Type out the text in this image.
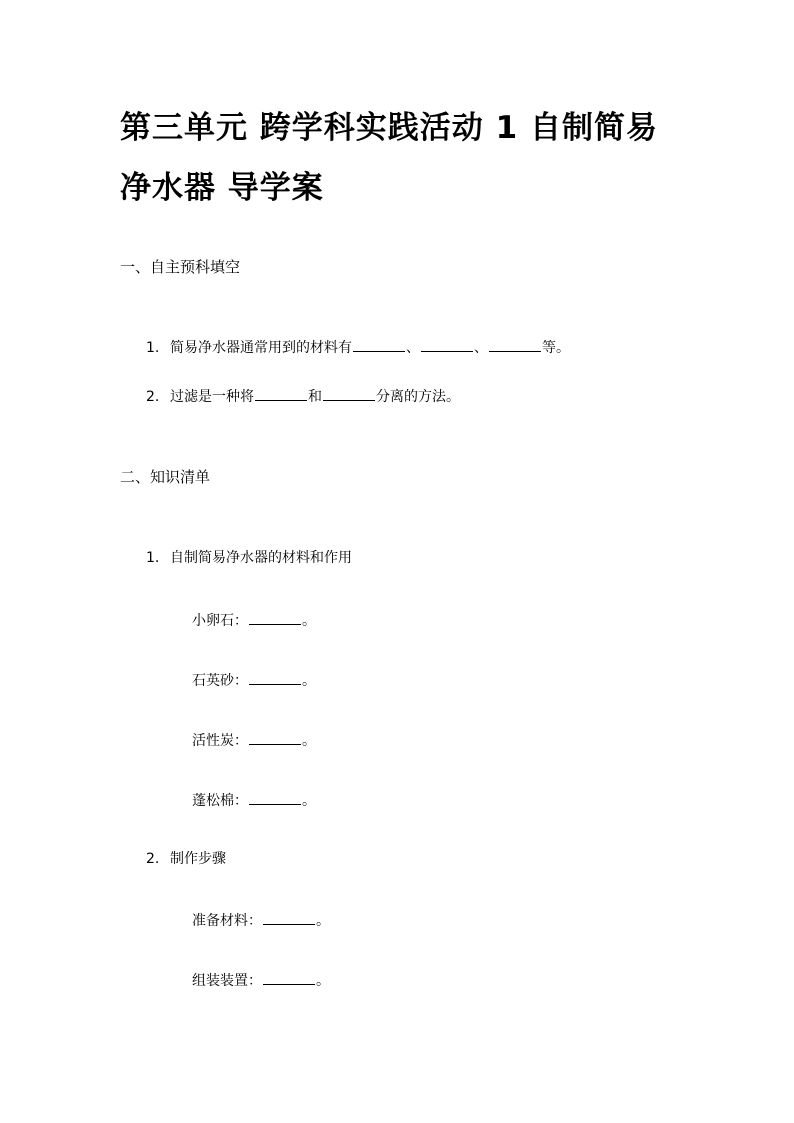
第三单元 跨学科实践活动 1 自制简易
净水器 导学案
一、自主预科填空
1. 简易净水器通常用到的材料有	、	、	等。
2. 过滤是一种将	和	分离的方法。
二、知识清单
1. 自制简易净水器的材料和作用
小卵石：	。
石英砂：	。
活性炭：	。
蓬松棉：	。
2. 制作步骤
准备材料：	。
组装装置：	。
